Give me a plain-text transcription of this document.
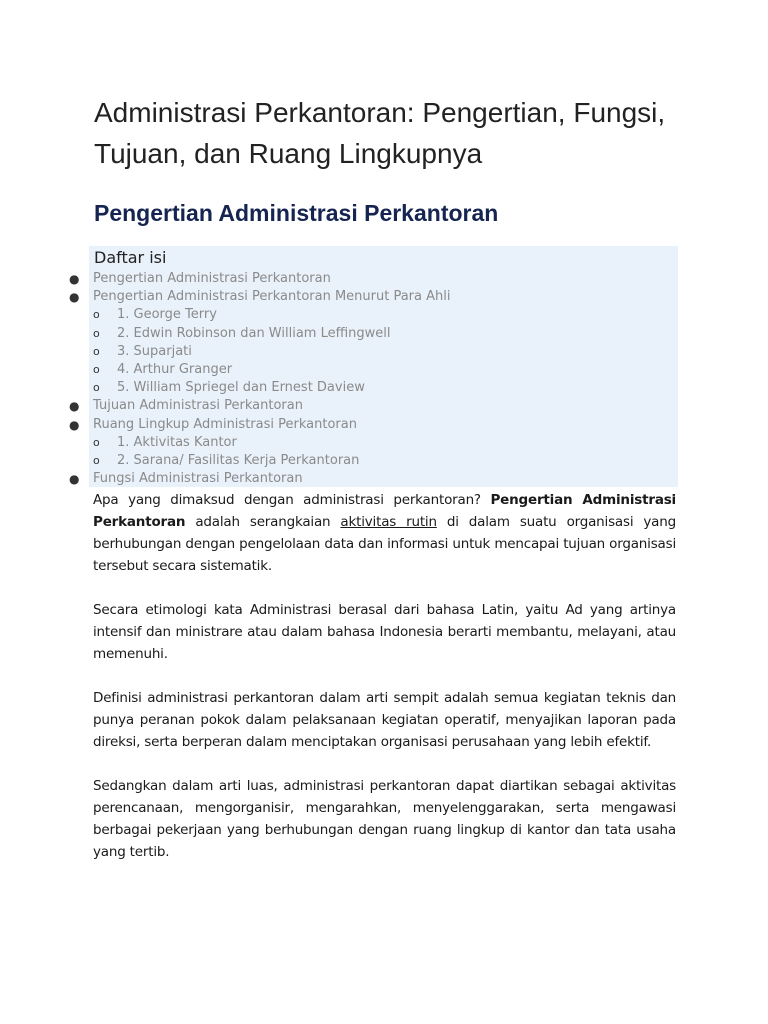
Administrasi Perkantoran: Pengertian, Fungsi, Tujuan, dan Ruang Lingkupnya
Pengertian Administrasi Perkantoran
Daftar isi
● Pengertian Administrasi Perkantoran
● Pengertian Administrasi Perkantoran Menurut Para Ahli
o 1. George Terry
o 2. Edwin Robinson dan William Leffingwell
o 3. Suparjati
o 4. Arthur Granger
o 5. William Spriegel dan Ernest Daview
● Tujuan Administrasi Perkantoran
● Ruang Lingkup Administrasi Perkantoran
o 1. Aktivitas Kantor
o 2. Sarana/ Fasilitas Kerja Perkantoran
● Fungsi Administrasi Perkantoran

Apa yang dimaksud dengan administrasi perkantoran? Pengertian Administrasi Perkantoran adalah serangkaian aktivitas rutin di dalam suatu organisasi yang berhubungan dengan pengelolaan data dan informasi untuk mencapai tujuan organisasi tersebut secara sistematik.

Secara etimologi kata Administrasi berasal dari bahasa Latin, yaitu Ad yang artinya intensif dan ministrare atau dalam bahasa Indonesia berarti membantu, melayani, atau memenuhi.

Definisi administrasi perkantoran dalam arti sempit adalah semua kegiatan teknis dan punya peranan pokok dalam pelaksanaan kegiatan operatif, menyajikan laporan pada direksi, serta berperan dalam menciptakan organisasi perusahaan yang lebih efektif.

Sedangkan dalam arti luas, administrasi perkantoran dapat diartikan sebagai aktivitas perencanaan, mengorganisir, mengarahkan, menyelenggarakan, serta mengawasi berbagai pekerjaan yang berhubungan dengan ruang lingkup di kantor dan tata usaha yang tertib.
